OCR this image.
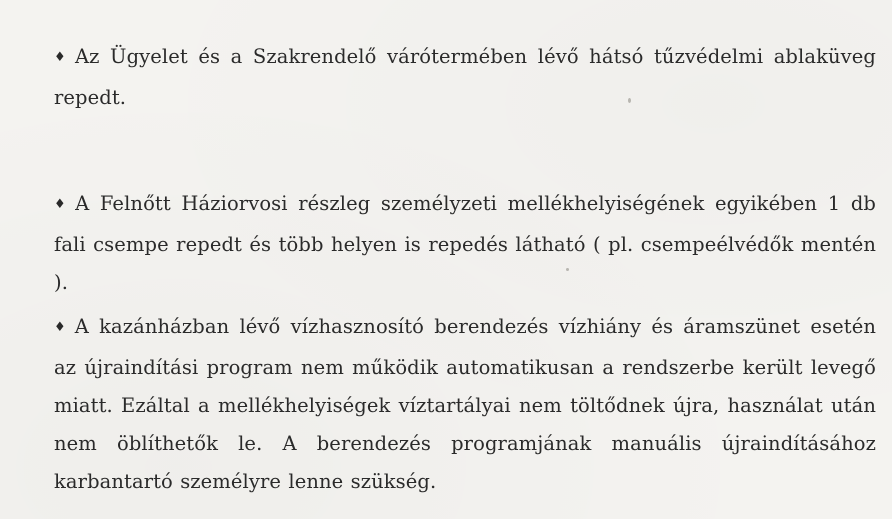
♦ Az Ügyelet és a Szakrendelő várótermében lévő hátsó tűzvédelmi ablaküveg repedt.

♦ A Felnőtt Háziorvosi részleg személyzeti mellékhelyiségének egyikében 1 db fali csempe repedt és több helyen is repedés látható ( pl. csempeélvédők mentén ).

♦ A kazánházban lévő vízhasznosító berendezés vízhiány és áramszünet esetén az újraindítási program nem működik automatikusan a rendszerbe került levegő miatt. Ezáltal a mellékhelyiségek víztartályai nem töltődnek újra, használat után nem öblíthetők le. A berendezés programjának manuális újraindításához karbantartó személyre lenne szükség.
